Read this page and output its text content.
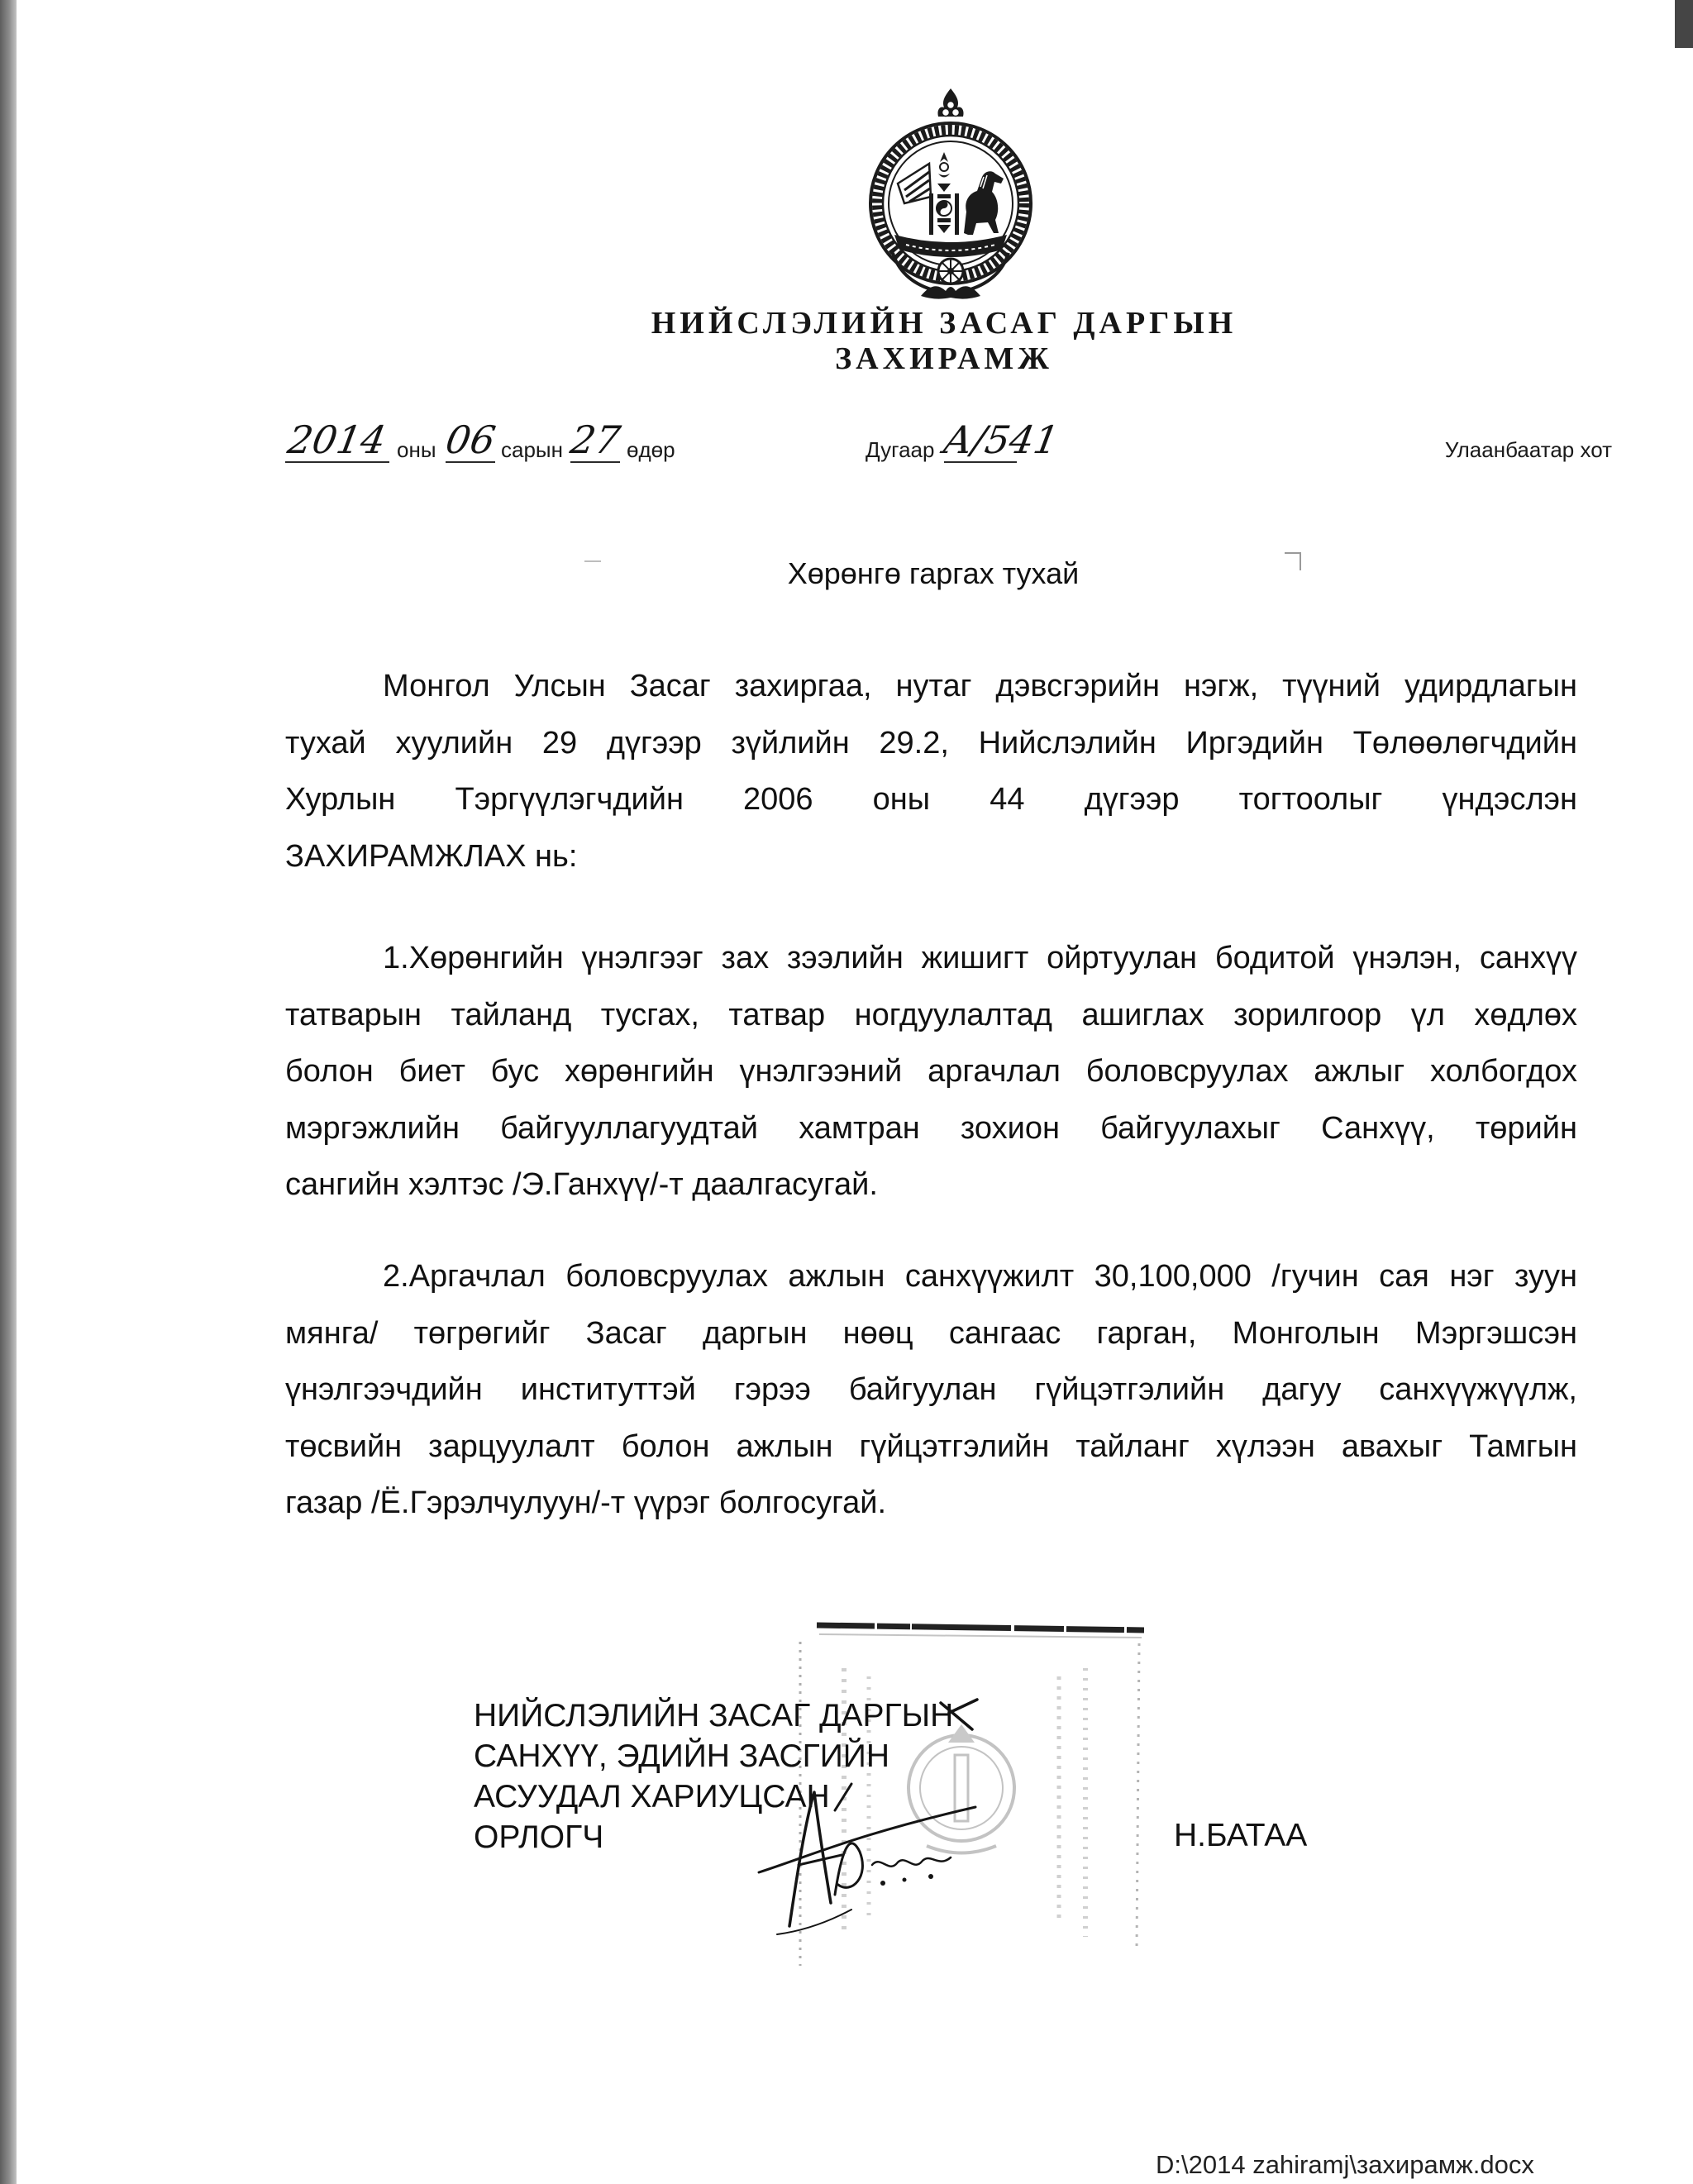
НИЙСЛЭЛИЙН ЗАСАГ ДАРГЫН
ЗАХИРАМЖ
2014 оны 06 сарын 27 өдөр	Дугаар А/541	Улаанбаатар хот
Хөрөнгө гаргах тухай
Монгол Улсын Засаг захиргаа, нутаг дэвсгэрийн нэгж, түүний удирдлагын
тухай хуулийн 29 дүгээр зүйлийн 29.2, Нийслэлийн Иргэдийн Төлөөлөгчдийн
Хурлын Тэргүүлэгчдийн 2006 оны 44 дүгээр тогтоолыг үндэслэн
ЗАХИРАМЖЛАХ нь:
1.Хөрөнгийн үнэлгээг зах зээлийн жишигт ойртуулан бодитой үнэлэн, санхүү
татварын тайланд тусгах, татвар ногдуулалтад ашиглах зорилгоор үл хөдлөх
болон биет бус хөрөнгийн үнэлгээний аргачлал боловсруулах ажлыг холбогдох
мэргэжлийн байгууллагуудтай хамтран зохион байгуулахыг Санхүү, төрийн
сангийн хэлтэс /Э.Ганхүү/-т даалгасугай.
2.Аргачлал боловсруулах ажлын санхүүжилт 30,100,000 /гучин сая нэг зуун
мянга/ төгрөгийг Засаг даргын нөөц сангаас гарган, Монголын Мэргэшсэн
үнэлгээчдийн институттэй гэрээ байгуулан гүйцэтгэлийн дагуу санхүүжүүлж,
төсвийн зарцуулалт болон ажлын гүйцэтгэлийн тайланг хүлээн авахыг Тамгын
газар /Ё.Гэрэлчулуун/-т үүрэг болгосугай.
НИЙСЛЭЛИЙН ЗАСАГ ДАРГЫН
САНХҮҮ, ЭДИЙН ЗАСГИЙН
АСУУДАЛ ХАРИУЦСАН
ОРЛОГЧ	Н.БАТАА
D:\2014 zahiramj\захирамж.docx
